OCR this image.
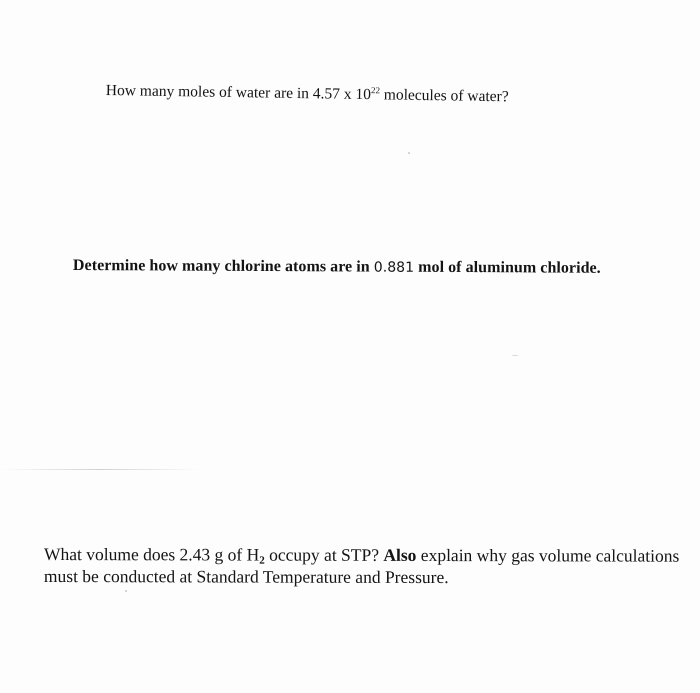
How many moles of water are in 4.57 x $10^{22}$ molecules of water?
Determine how many chlorine atoms are in 0.881 mol of aluminum chloride.
What volume does 2.43 g of $H_2$ occupy at STP? Also explain why gas volume calculations must be conducted at Standard Temperature and Pressure.
